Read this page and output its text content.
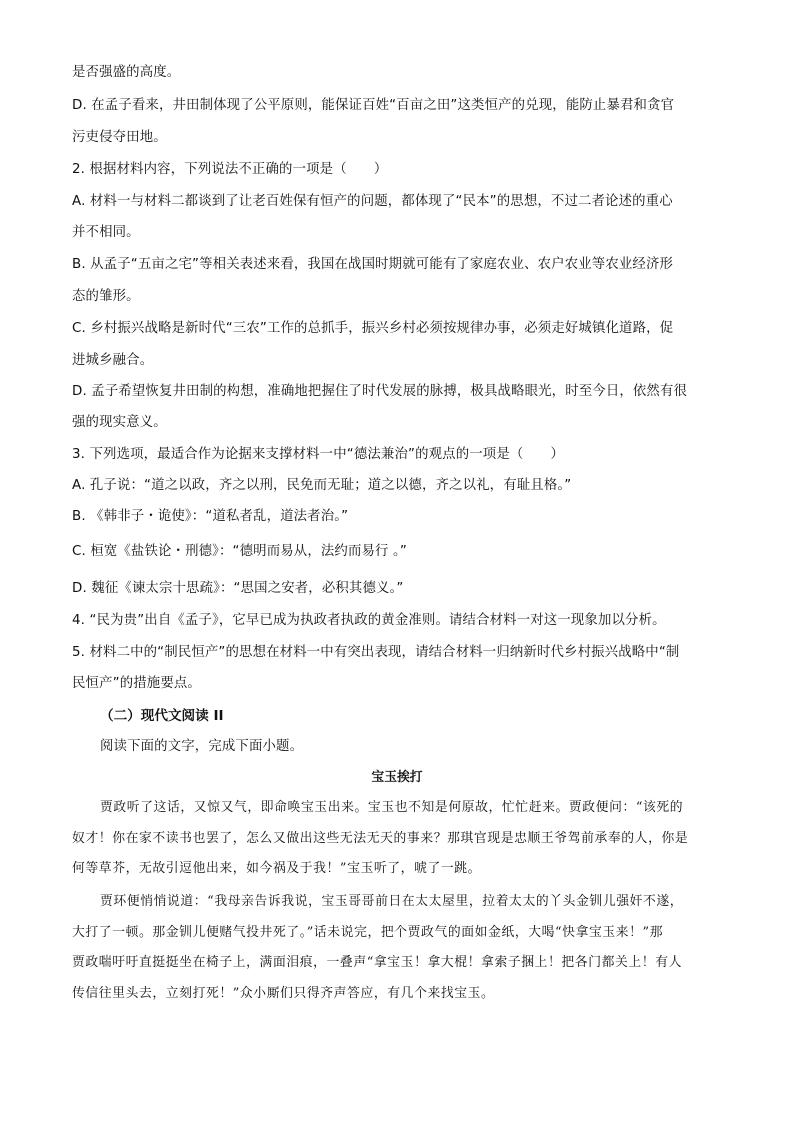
是否强盛的高度。
D. 在孟子看来，井田制体现了公平原则，能保证百姓“百亩之田”这类恒产的兑现，能防止暴君和贪官
污吏侵夺田地。
2. 根据材料内容，下列说法不正确的一项是（　　）
A. 材料一与材料二都谈到了让老百姓保有恒产的问题，都体现了“民本”的思想，不过二者论述的重心
并不相同。
B. 从孟子“五亩之宅”等相关表述来看，我国在战国时期就可能有了家庭农业、农户农业等农业经济形
态的雏形。
C. 乡村振兴战略是新时代“三农”工作的总抓手，振兴乡村必须按规律办事，必须走好城镇化道路，促
进城乡融合。
D. 孟子希望恢复井田制的构想，准确地把握住了时代发展的脉搏，极具战略眼光，时至今日，依然有很
强的现实意义。
3. 下列选项，最适合作为论据来支撑材料一中“德法兼治”的观点的一项是（　　）
A. 孔子说：“道之以政，齐之以刑，民免而无耻；道之以德，齐之以礼，有耻且格。”
B. 《韩非子・诡使》：“道私者乱，道法者治。”
C. 桓宽《盐铁论・刑德》：“德明而易从，法约而易行 。”
D. 魏征《谏太宗十思疏》：“思国之安者，必积其德义。”
4. “民为贵”出自《孟子》，它早已成为执政者执政的黄金准则。请结合材料一对这一现象加以分析。
5. 材料二中的“制民恒产”的思想在材料一中有突出表现，请结合材料一归纳新时代乡村振兴战略中“制
民恒产”的措施要点。
（二）现代文阅读 II
阅读下面的文字，完成下面小题。
宝玉挨打
贾政听了这话，又惊又气，即命唤宝玉出来。宝玉也不知是何原故，忙忙赶来。贾政便问：“该死的
奴才！你在家不读书也罢了，怎么又做出这些无法无天的事来？那琪官现是忠顺王爷驾前承奉的人，你是
何等草芥，无故引逗他出来，如今祸及于我！”宝玉听了，唬了一跳。
贾环便悄悄说道：“我母亲告诉我说，宝玉哥哥前日在太太屋里，拉着太太的丫头金钏儿强奸不遂，
大打了一顿。那金钏儿便赌气投井死了。”话未说完，把个贾政气的面如金纸，大喝“快拿宝玉来！”那
贾政喘吁吁直挺挺坐在椅子上，满面泪痕，一叠声“拿宝玉！拿大棍！拿索子捆上！把各门都关上！有人
传信往里头去，立刻打死！”众小厮们只得齐声答应，有几个来找宝玉。
